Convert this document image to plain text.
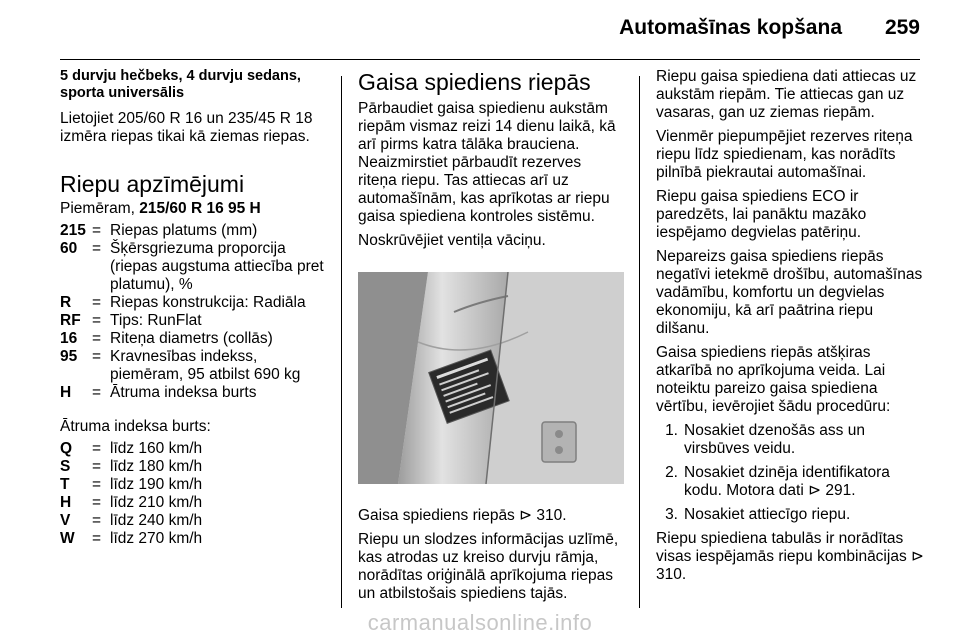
Automašīnas kopšana 259
5 durvju hečbeks, 4 durvju sedans, sporta universālis

Lietojiet 205/60 R 16 un 235/45 R 18 izmēra riepas tikai kā ziemas riepas.

Riepu apzīmējumi

Piemēram, 215/60 R 16 95 H

215 = Riepas platums (mm)
60 = Šķērsgriezuma proporcija (riepas augstuma attiecība pret platumu), %
R	= Riepas konstrukcija: Radiāla
RF = Tips: RunFlat
16 = Riteņa diametrs (collās)
95 = Kravnesības indekss, piemēram, 95 atbilst 690 kg
H	= Ātruma indeksa burts

Ātruma indeksa burts:

Q	= līdz 160 km/h
S	= līdz 180 km/h
T	= līdz 190 km/h
H	= līdz 210 km/h
V	= līdz 240 km/h
W	= līdz 270 km/h
Gaisa spiediens riepās

Pārbaudiet gaisa spiedienu aukstām riepām vismaz reizi 14 dienu laikā, kā arī pirms katra tālāka brauciena. Neaizmirstiet pārbaudīt rezerves riteņa riepu. Tas attiecas arī uz automašīnām, kas aprīkotas ar riepu gaisa spiediena kontroles sistēmu.

Noskrūvējiet ventiļa vāciņu.

Gaisa spiediens riepās ⊳ 310.

Riepu un slodzes informācijas uzlīmē, kas atrodas uz kreiso durvju rāmja, norādītas oriģinālā aprīkojuma riepas un atbilstošais spiediens tajās.

Riepu gaisa spiediena dati attiecas uz aukstām riepām. Tie attiecas gan uz vasaras, gan uz ziemas riepām.

Vienmēr piepumpējiet rezerves riteņa riepu līdz spiedienam, kas norādīts pilnībā piekrautai automašīnai.

Riepu gaisa spiediens ECO ir paredzēts, lai panāktu mazāko iespējamo degvielas patēriņu.

Nepareizs gaisa spiediens riepās negatīvi ietekmē drošību, automašīnas vadāmību, komfortu un degvielas ekonomiju, kā arī paātrina riepu dilšanu.

Gaisa spiediens riepās atšķiras atkarībā no aprīkojuma veida. Lai noteiktu pareizo gaisa spiediena vērtību, ievērojiet šādu procedūru:

1. Nosakiet dzenošās ass un virsbūves veidu.
2. Nosakiet dzinēja identifikatora kodu. Motora dati ⊳ 291.
3. Nosakiet attiecīgo riepu.

Riepu spiediena tabulās ir norādītas visas iespējamās riepu kombinācijas ⊳ 310.

carmanualsonline.info
